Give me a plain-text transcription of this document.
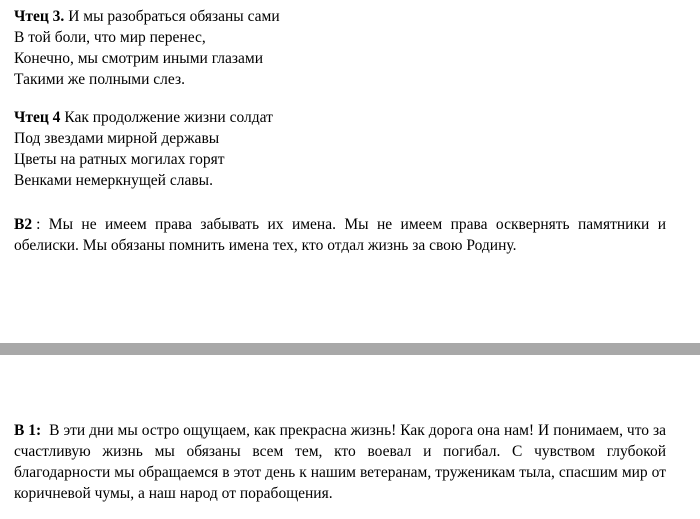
Чтец 3. И мы разобраться обязаны сами
В той боли, что мир перенес,
Конечно, мы смотрим иными глазами
Такими же полными слез.
Чтец 4 Как продолжение жизни солдат
Под звездами мирной державы
Цветы на ратных могилах горят
Венками немеркнущей славы.

В2 : Мы не имеем права забывать их имена. Мы не имеем права осквернять памятники и обелиски. Мы обязаны помнить имена тех, кто отдал жизнь за свою Родину.

В 1: В эти дни мы остро ощущаем, как прекрасна жизнь! Как дорога она нам! И понимаем, что за счастливую жизнь мы обязаны всем тем, кто воевал и погибал. С чувством глубокой благодарности мы обращаемся в этот день к нашим ветеранам, труженикам тыла, спасшим мир от коричневой чумы, а наш народ от порабощения.
